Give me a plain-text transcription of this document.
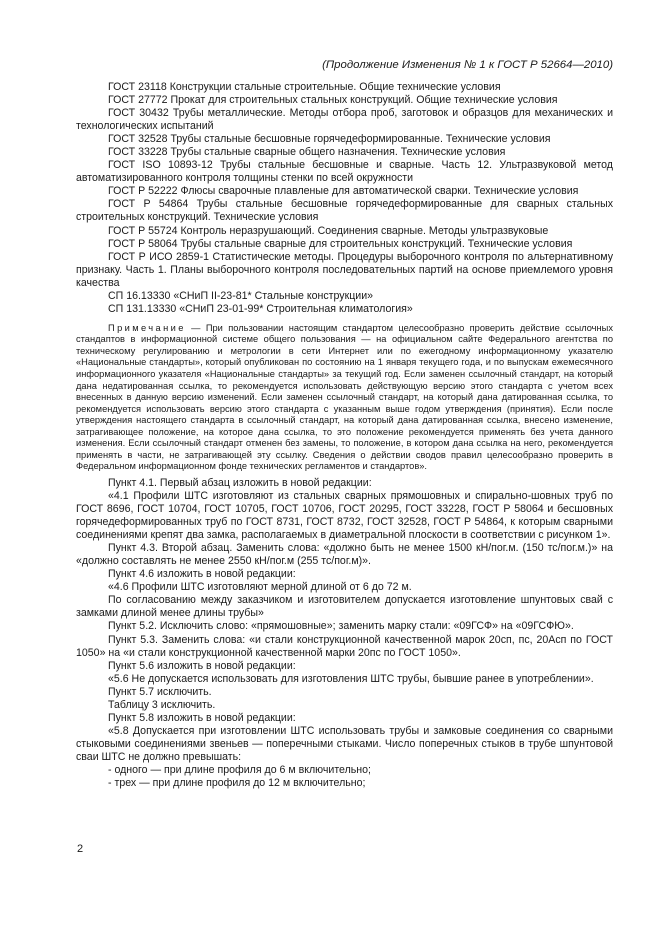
(Продолжение Изменения № 1 к ГОСТ Р 52664—2010)

ГОСТ 23118 Конструкции стальные строительные. Общие технические условия

ГОСТ 27772 Прокат для строительных стальных конструкций. Общие технические условия

ГОСТ 30432 Трубы металлические. Методы отбора проб, заготовок и образцов для механических и технологических испытаний

ГОСТ 32528 Трубы стальные бесшовные горячедеформированные. Технические условия

ГОСТ 33228 Трубы стальные сварные общего назначения. Технические условия

ГОСТ ISO 10893-12 Трубы стальные бесшовные и сварные. Часть 12. Ультразвуковой метод автоматизированного контроля толщины стенки по всей окружности

ГОСТ Р 52222 Флюсы сварочные плавленые для автоматической сварки. Технические условия

ГОСТ Р 54864 Трубы стальные бесшовные горячедеформированные для сварных стальных строительных конструкций. Технические условия

ГОСТ Р 55724 Контроль неразрушающий. Соединения сварные. Методы ультразвуковые

ГОСТ Р 58064 Трубы стальные сварные для строительных конструкций. Технические условия

ГОСТ Р ИСО 2859-1 Статистические методы. Процедуры выборочного контроля по альтернативному признаку. Часть 1. Планы выборочного контроля последовательных партий на основе приемлемого уровня качества

СП 16.13330 «СНиП II-23-81* Стальные конструкции»

СП 131.13330 «СНиП 23-01-99* Строительная климатология»

Примечание — При пользовании настоящим стандартом целесообразно проверить действие ссылочных стандаптов в информационной системе общего пользования — на официальном сайте Федерального агентства по техническому регулированию и метрологии в сети Интернет или по ежегодному информационному указателю «Национальные стандарты», который опубликован по состоянию на 1 января текущего года, и по выпускам ежемесячного информационного указателя «Национальные стандарты» за текущий год. Если заменен ссылочный стандарт, на который дана недатированная ссылка, то рекомендуется использовать действующую версию этого стандарта с учетом всех внесенных в данную версию изменений. Если заменен ссылочный стандарт, на который дана датированная ссылка, то рекомендуется использовать версию этого стандарта с указанным выше годом утверждения (принятия). Если после утверждения настоящего стандарта в ссылочный стандарт, на который дана датированная ссылка, внесено изменение, затрагивающее положение, на которое дана ссылка, то это положение рекомендуется применять без учета данного изменения. Если ссылочный стандарт отменен без замены, то положение, в котором дана ссылка на него, рекомендуется применять в части, не затрагивающей эту ссылку. Сведения о действии сводов правил целесообразно проверить в Федеральном информационном фонде технических регламентов и стандартов».

Пункт 4.1. Первый абзац изложить в новой редакции:

«4.1 Профили ШТС изготовляют из стальных сварных прямошовных и спирально-шовных труб по ГОСТ 8696, ГОСТ 10704, ГОСТ 10705, ГОСТ 10706, ГОСТ 20295, ГОСТ 33228, ГОСТ Р 58064 и бесшовных горячедеформированных труб по ГОСТ 8731, ГОСТ 8732, ГОСТ 32528, ГОСТ Р 54864, к которым сварными соединениями крепят два замка, располагаемых в диаметральной плоскости в соответствии с рисунком 1».

Пункт 4.3. Второй абзац. Заменить слова: «должно быть не менее 1500 кН/пог.м. (150 тс/пог.м.)» на «должно составлять не менее 2550 кН/пог.м (255 тс/пог.м)».

Пункт 4.6 изложить в новой редакции:

«4.6 Профили ШТС изготовляют мерной длиной от 6 до 72 м.

По согласованию между заказчиком и изготовителем допускается изготовление шпунтовых свай с замками длиной менее длины трубы»

Пункт 5.2. Исключить слово: «прямошовные»; заменить марку стали: «09ГСФ» на «09ГСФЮ».

Пункт 5.3. Заменить слова: «и стали конструкционной качественной марок 20сп, пс, 20Асп по ГОСТ 1050» на «и стали конструкционной качественной марки 20пс по ГОСТ 1050».

Пункт 5.6 изложить в новой редакции:

«5.6 Не допускается использовать для изготовления ШТС трубы, бывшие ранее в употреблении».

Пункт 5.7 исключить.

Таблицу 3 исключить.

Пункт 5.8 изложить в новой редакции:

«5.8 Допускается при изготовлении ШТС использовать трубы и замковые соединения со сварными стыковыми соединениями звеньев — поперечными стыками. Число поперечных стыков в трубе шпунтовой сваи ШТС не должно превышать:

- одного — при длине профиля до 6 м включительно;

- трех — при длине профиля до 12 м включительно;

2
